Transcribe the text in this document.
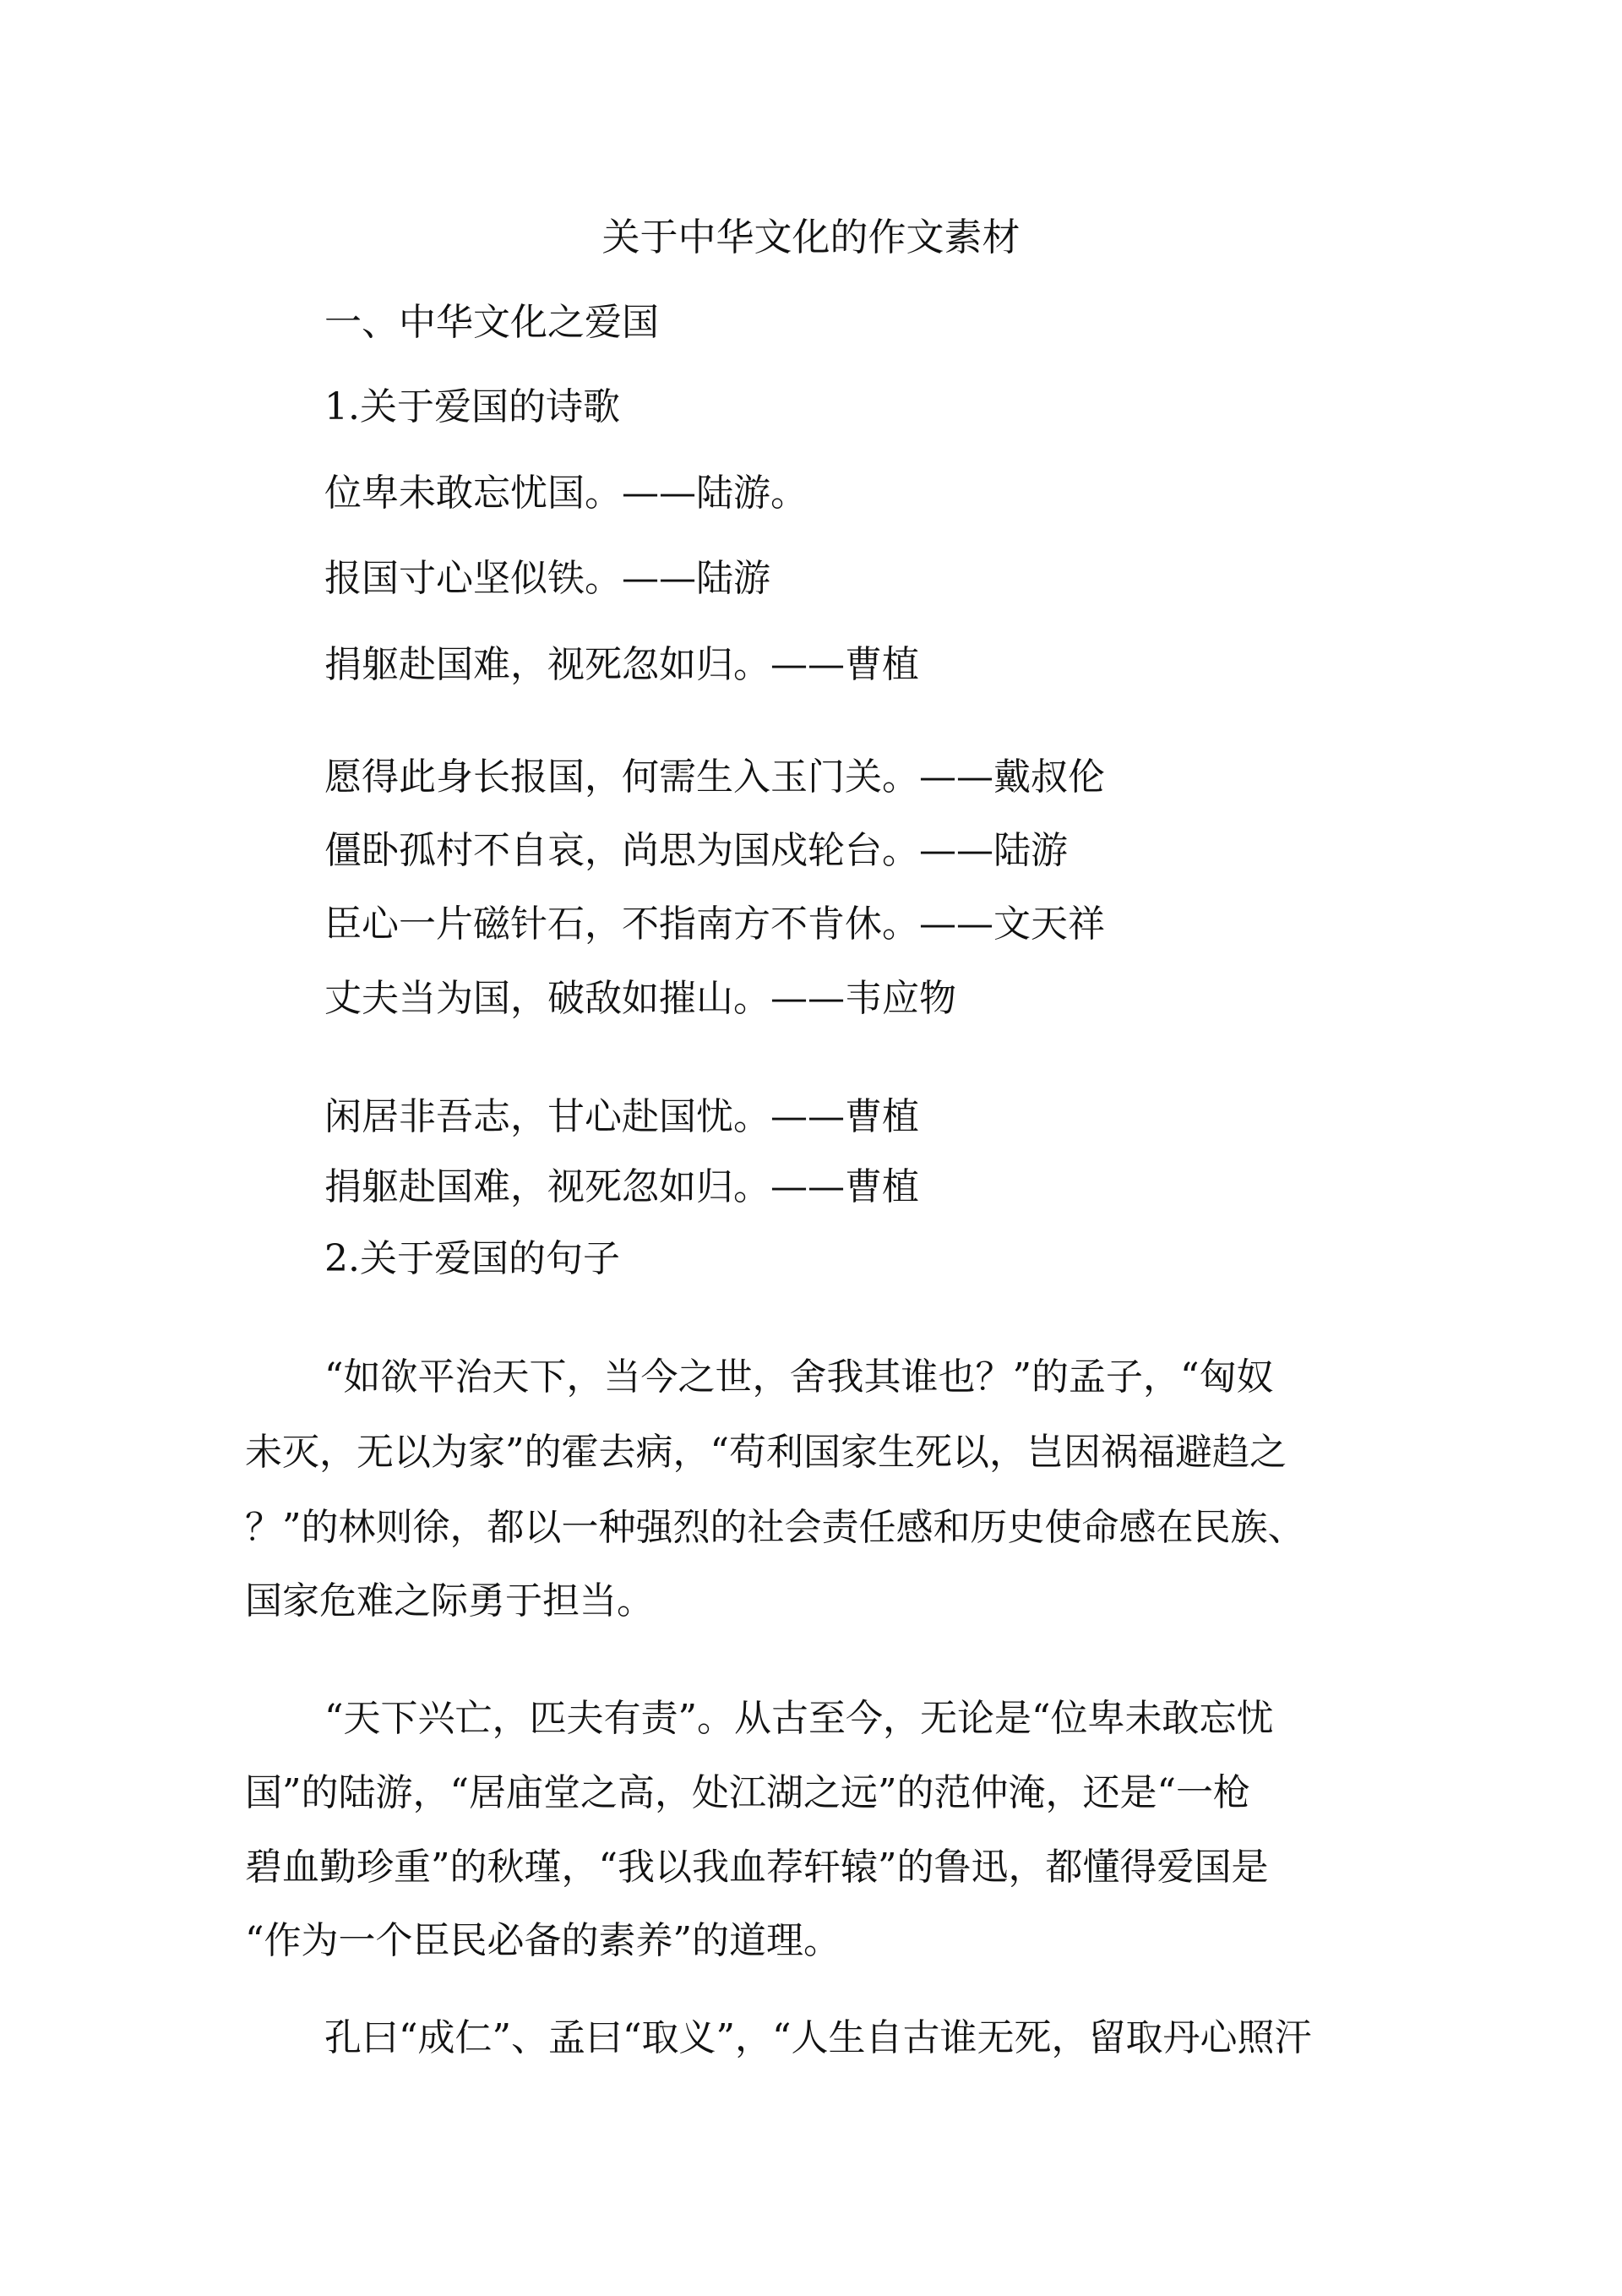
关于中华文化的作文素材
一、中华文化之爱国
1.关于爱国的诗歌
位卑未敢忘忧国。——陆游。
报国寸心坚似铁。——陆游
捐躯赴国难，视死忽如归。——曹植
愿得此身长报国，何需生入玉门关。——戴叔伦
僵卧孤村不自哀，尚思为国戍轮台。——陆游
臣心一片磁针石，不指南方不肯休。——文天祥
丈夫当为国，破敌如摧山。——韦应物
闲居非吾志，甘心赴国忧。——曹植
捐躯赴国难，视死忽如归。——曹植
2.关于爱国的句子
“如欲平治天下，当今之世，舍我其谁也？”的孟子，“匈奴
未灭，无以为家”的霍去病，“苟利国家生死以，岂因祸福避趋之
？”的林则徐，都以一种强烈的社会责任感和历史使命感在民族、
国家危难之际勇于担当。
“天下兴亡，匹夫有责”。从古至今，无论是“位卑未敢忘忧
国”的陆游，“居庙堂之高，处江湖之远”的范仲淹，还是“一枪
碧血勤珍重”的秋瑾，“我以我血荐轩辕”的鲁迅，都懂得爱国是
“作为一个臣民必备的素养”的道理。
孔曰“成仁”、孟曰“取义”，“人生自古谁无死，留取丹心照汗
